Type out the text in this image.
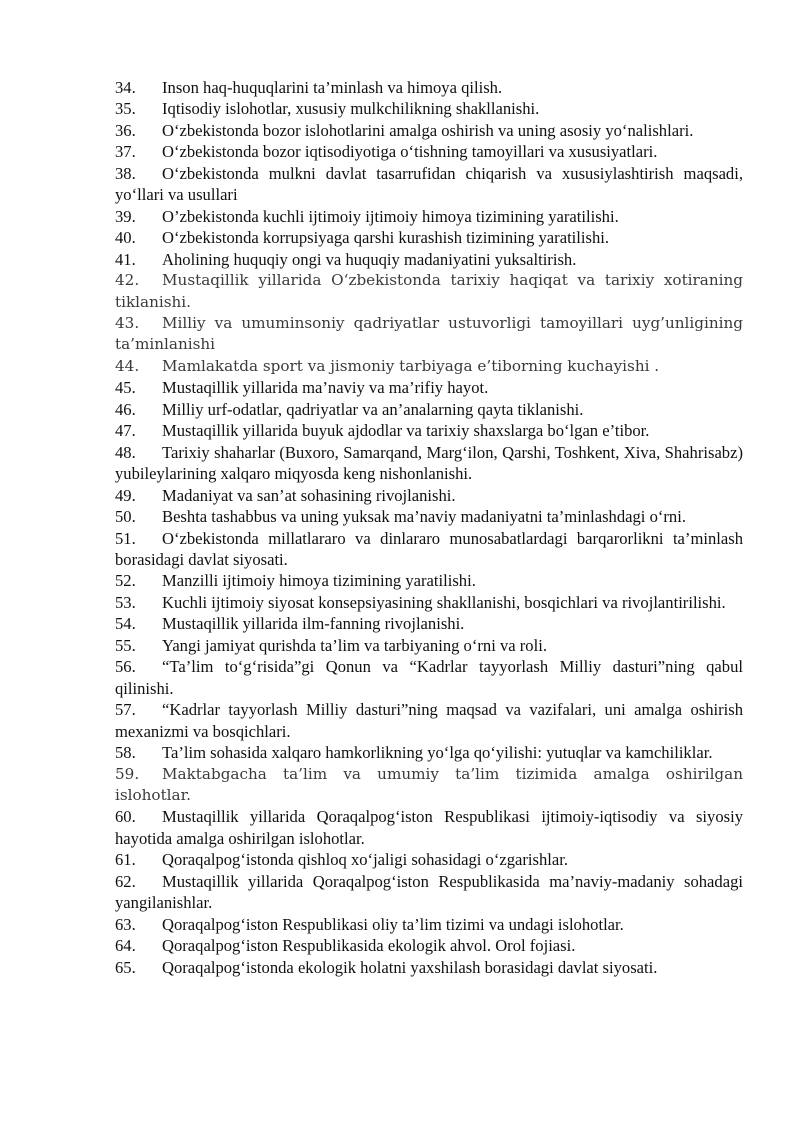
34. Inson haq-huquqlarini ta’minlash va himoya qilish.

35. Iqtisodiy islohotlar, xususiy mulkchilikning shakllanishi.

36. O‘zbekistonda bozor islohotlarini amalga oshirish va uning asosiy yo‘nalishlari.

37. O‘zbekistonda bozor iqtisodiyotiga o‘tishning tamoyillari va xususiyatlari.

38. O‘zbekistonda mulkni davlat tasarrufidan chiqarish va xususiylashtirish maqsadi, yo‘llari va usullari

39. O’zbekistonda kuchli ijtimoiy ijtimoiy himoya tizimining yaratilishi.

40. O‘zbekistonda korrupsiyaga qarshi kurashish tizimining yaratilishi.

41. Aholining huquqiy ongi va huquqiy madaniyatini yuksaltirish.

42. Mustaqillik yillarida O‘zbekistonda tarixiy haqiqat va tarixiy xotiraning tiklanishi.

43. Milliy va umuminsoniy qadriyatlar ustuvorligi tamoyillari uyg’unligining ta’minlanishi

44. Mamlakatda sport va jismoniy tarbiyaga e’tiborning kuchayishi .

45. Mustaqillik yillarida ma’naviy va ma’rifiy hayot.

46. Milliy urf-odatlar, qadriyatlar va an’analarning qayta tiklanishi.

47. Mustaqillik yillarida buyuk ajdodlar va tarixiy shaxslarga bo‘lgan e’tibor.

48. Tarixiy shaharlar (Buxoro, Samarqand, Marg‘ilon, Qarshi, Toshkent, Xiva, Shahrisabz) yubileylarining xalqaro miqyosda keng nishonlanishi.

49. Madaniyat va san’at sohasining rivojlanishi.

50. Beshta tashabbus va uning yuksak ma’naviy madaniyatni ta’minlashdagi o‘rni.

51. O‘zbekistonda millatlararo va dinlararo munosabatlardagi barqarorlikni ta’minlash borasidagi davlat siyosati.

52. Manzilli ijtimoiy himoya tizimining yaratilishi.

53. Kuchli ijtimoiy siyosat konsepsiyasining shakllanishi, bosqichlari va rivojlantirilishi.

54. Mustaqillik yillarida ilm-fanning rivojlanishi.

55. Yangi jamiyat qurishda ta’lim va tarbiyaning o‘rni va roli.

56. “Ta’lim to‘g‘risida”gi Qonun va “Kadrlar tayyorlash Milliy dasturi”ning qabul qilinishi.

57. “Kadrlar tayyorlash Milliy dasturi”ning maqsad va vazifalari, uni amalga oshirish mexanizmi va bosqichlari.

58. Ta’lim sohasida xalqaro hamkorlikning yo‘lga qo‘yilishi: yutuqlar va kamchiliklar.

59. Maktabgacha ta’lim va umumiy ta’lim tizimida amalga oshirilgan islohotlar.

60. Mustaqillik yillarida Qoraqalpog‘iston Respublikasi ijtimoiy-iqtisodiy va siyosiy hayotida amalga oshirilgan islohotlar.

61. Qoraqalpog‘istonda qishloq xo‘jaligi sohasidagi o‘zgarishlar.

62. Mustaqillik yillarida Qoraqalpog‘iston Respublikasida ma’naviy-madaniy sohadagi yangilanishlar.

63. Qoraqalpog‘iston Respublikasi oliy ta’lim tizimi va undagi islohotlar.

64. Qoraqalpog‘iston Respublikasida ekologik ahvol. Orol fojiasi.

65. Qoraqalpog‘istonda ekologik holatni yaxshilash borasidagi davlat siyosati.
